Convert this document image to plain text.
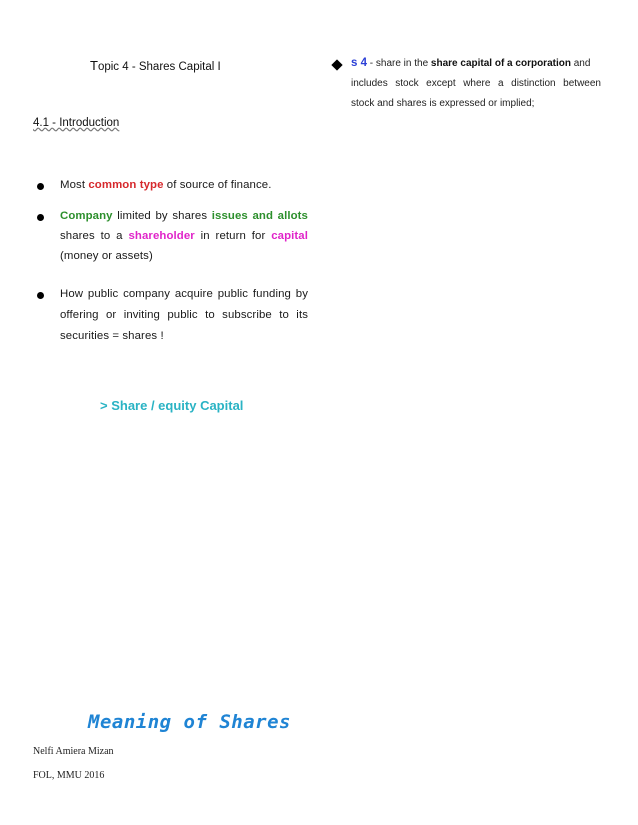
Topic 4 - Shares Capital I
4.1 - Introduction
Most common type of source of finance.
Company limited by shares issues and allots
shares to a shareholder in return for capital
(money or assets)
How public company acquire public funding by
offering or inviting public to subscribe to its
securities = shares !
> Share / equity Capital
Meaning of Shares
Nelfi Amiera Mizan
FOL, MMU 2016
s 4 - share in the share capital of a corporation and
includes stock except where a distinction between
stock and shares is expressed or implied;
